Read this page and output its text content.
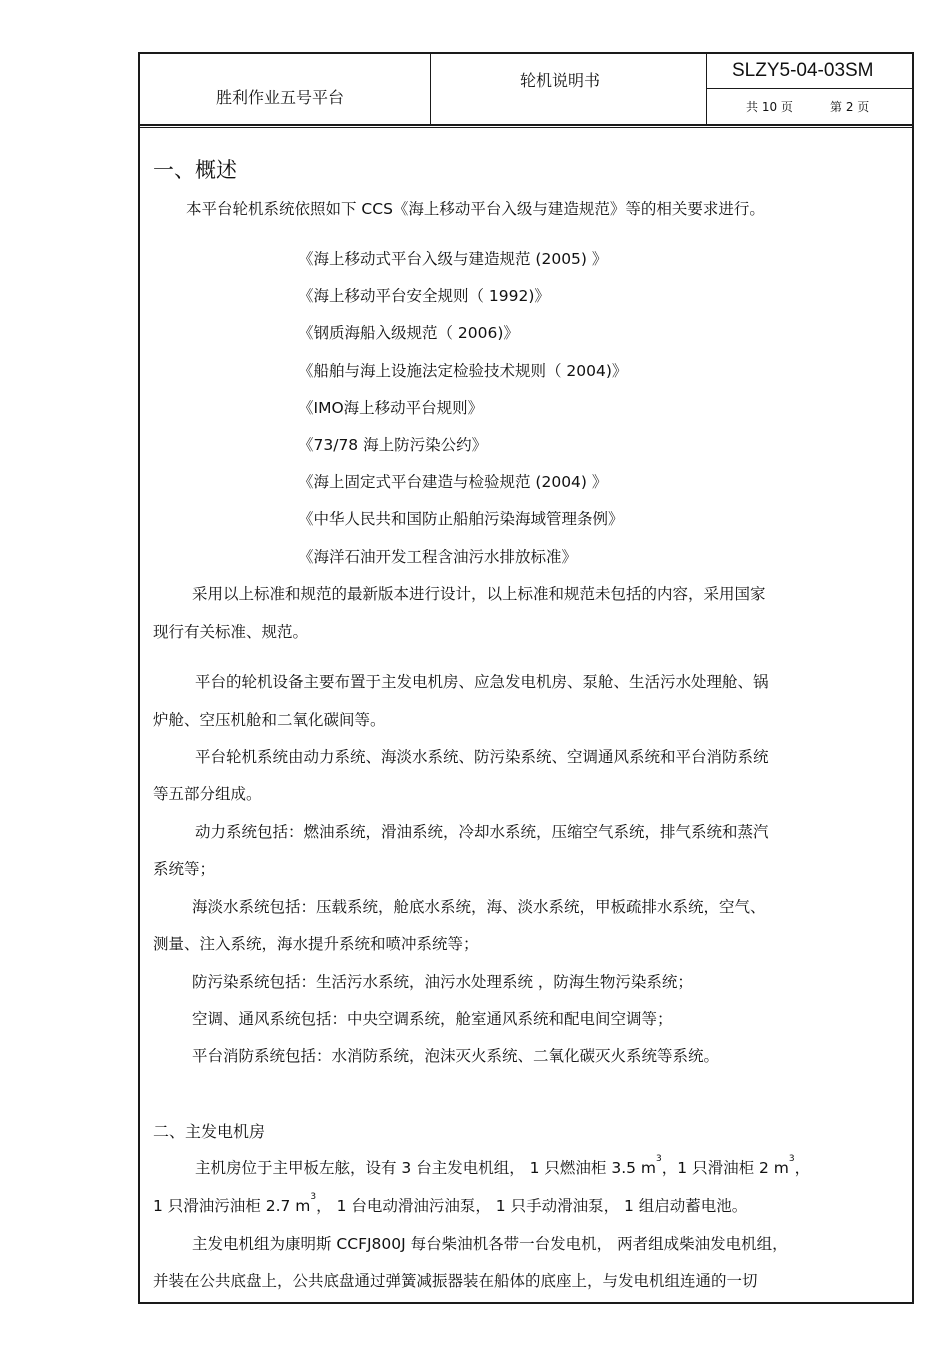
胜利作业五号平台
轮机说明书	SLZY5-04-03SM
共 10 页	第 2 页
一、概述
本平台轮机系统依照如下 CCS《海上移动平台入级与建造规范》等的相关要求进行。
《海上移动式平台入级与建造规范 (2005) 》
《海上移动平台安全规则（ 1992)》
《钢质海船入级规范（ 2006)》
《船舶与海上设施法定检验技术规则（ 2004)》
《IMO海上移动平台规则》
《73/78 海上防污染公约》
《海上固定式平台建造与检验规范 (2004) 》
《中华人民共和国防止船舶污染海域管理条例》
《海洋石油开发工程含油污水排放标准》
采用以上标准和规范的最新版本进行设计，以上标准和规范未包括的内容，采用国家
现行有关标准、规范。
平台的轮机设备主要布置于主发电机房、应急发电机房、泵舱、生活污水处理舱、锅
炉舱、空压机舱和二氧化碳间等。
平台轮机系统由动力系统、海淡水系统、防污染系统、空调通风系统和平台消防系统
等五部分组成。
动力系统包括：燃油系统，滑油系统，冷却水系统，压缩空气系统，排气系统和蒸汽
系统等；
海淡水系统包括：压载系统，舱底水系统，海、淡水系统，甲板疏排水系统，空气、
测量、注入系统，海水提升系统和喷冲系统等；
防污染系统包括：生活污水系统，油污水处理系统 ，防海生物污染系统；
空调、通风系统包括：中央空调系统，舱室通风系统和配电间空调等；
平台消防系统包括：水消防系统，泡沫灭火系统、二氧化碳灭火系统等系统。
二、主发电机房
主机房位于主甲板左舷，设有 3 台主发电机组， 1 只燃油柜 3.5 $m^3$，1 只滑油柜 2 $m^3$，
1 只滑油污油柜 2.7 $m^3$， 1 台电动滑油污油泵， 1 只手动滑油泵， 1 组启动蓄电池。
主发电机组为康明斯 CCFJ800J 每台柴油机各带一台发电机， 两者组成柴油发电机组，
并装在公共底盘上，公共底盘通过弹簧减振器装在船体的底座上，与发电机组连通的一切
